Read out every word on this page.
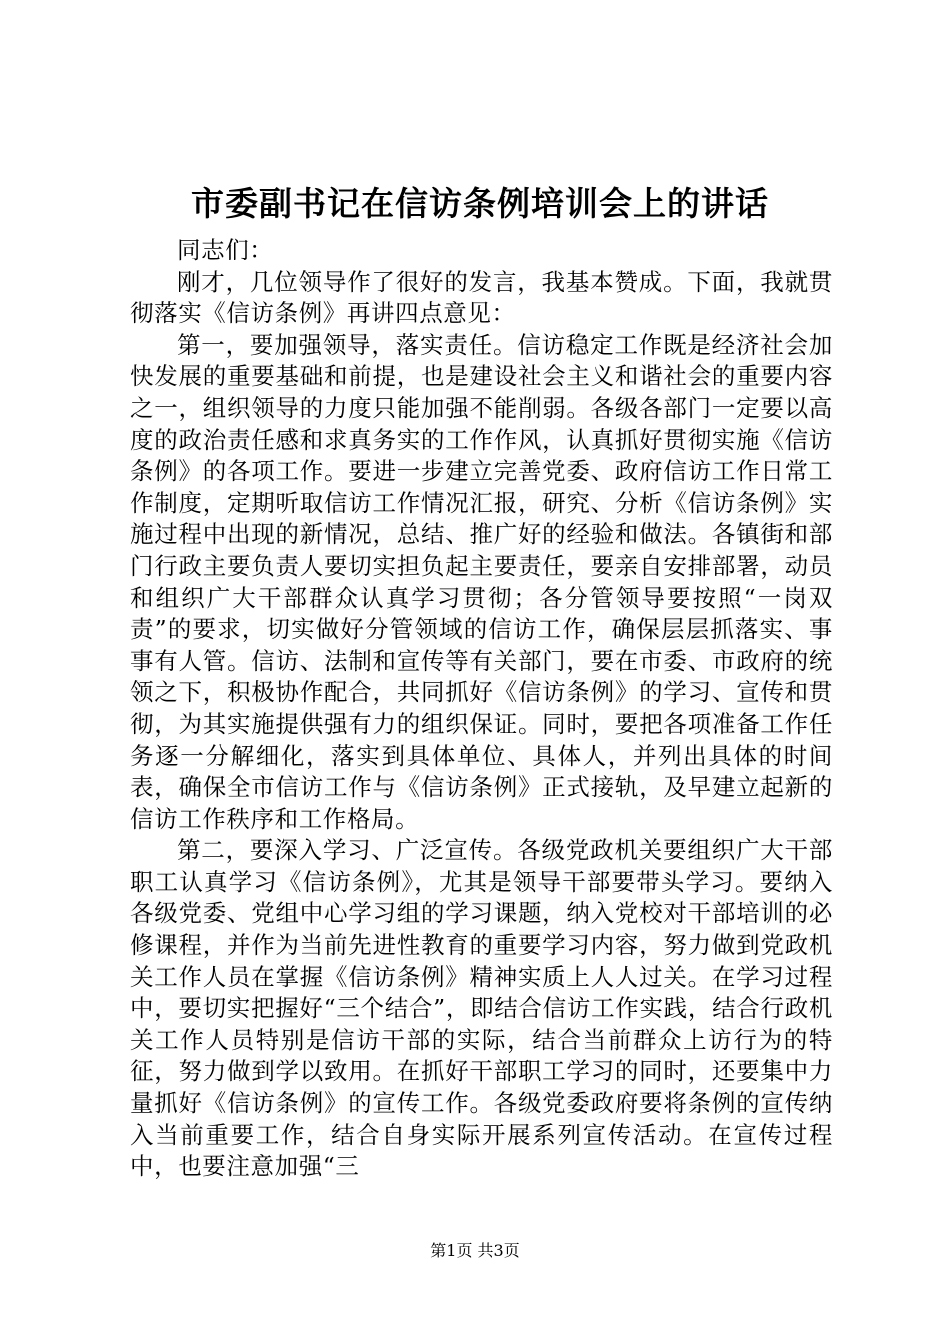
市委副书记在信访条例培训会上的讲话

同志们：

刚才，几位领导作了很好的发言，我基本赞成。下面，我就贯彻落实《信访条例》再讲四点意见：

第一，要加强领导，落实责任。信访稳定工作既是经济社会加快发展的重要基础和前提，也是建设社会主义和谐社会的重要内容之一，组织领导的力度只能加强不能削弱。各级各部门一定要以高度的政治责任感和求真务实的工作作风，认真抓好贯彻实施《信访条例》的各项工作。要进一步建立完善党委、政府信访工作日常工作制度，定期听取信访工作情况汇报，研究、分析《信访条例》实施过程中出现的新情况，总结、推广好的经验和做法。各镇街和部门行政主要负责人要切实担负起主要责任，要亲自安排部署，动员和组织广大干部群众认真学习贯彻；各分管领导要按照“一岗双责”的要求，切实做好分管领域的信访工作，确保层层抓落实、事事有人管。信访、法制和宣传等有关部门，要在市委、市政府的统领之下，积极协作配合，共同抓好《信访条例》的学习、宣传和贯彻，为其实施提供强有力的组织保证。同时，要把各项准备工作任务逐一分解细化，落实到具体单位、具体人，并列出具体的时间表，确保全市信访工作与《信访条例》正式接轨，及早建立起新的信访工作秩序和工作格局。

第二，要深入学习、广泛宣传。各级党政机关要组织广大干部职工认真学习《信访条例》，尤其是领导干部要带头学习。要纳入各级党委、党组中心学习组的学习课题，纳入党校对干部培训的必修课程，并作为当前先进性教育的重要学习内容，努力做到党政机关工作人员在掌握《信访条例》精神实质上人人过关。在学习过程中，要切实把握好“三个结合”，即结合信访工作实践，结合行政机关工作人员特别是信访干部的实际，结合当前群众上访行为的特征，努力做到学以致用。在抓好干部职工学习的同时，还要集中力量抓好《信访条例》的宣传工作。各级党委政府要将条例的宣传纳入当前重要工作，结合自身实际开展系列宣传活动。在宣传过程中，也要注意加强“三

第1页 共3页
